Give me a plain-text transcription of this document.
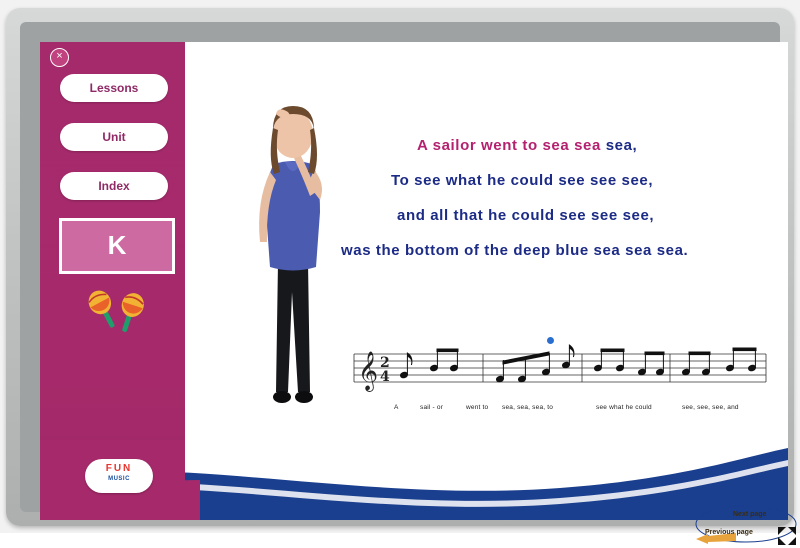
×
Lessons
Unit
Index
K
A sailor went to sea sea sea,
To see what he could see see see,
and all that he could see see see,
was the bottom of the deep blue sea sea sea.
𝄞 2
4
A	sail - or	went to sea, sea, sea, to	see what he could	see, see, see, and
FUN
MUSIC
Next page
Previous page
